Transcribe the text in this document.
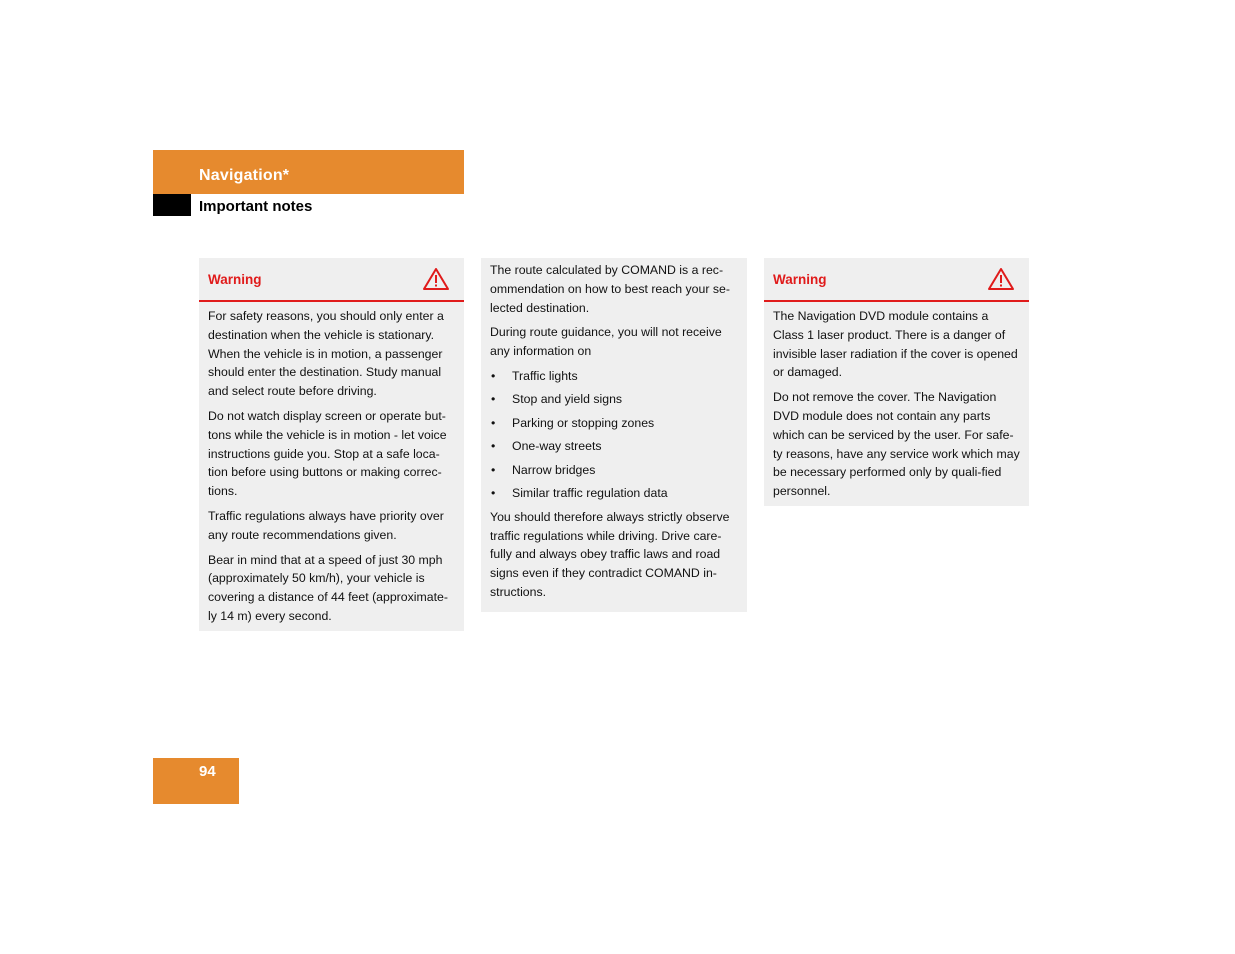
Navigation*
Important notes
Warning

For safety reasons, you should only enter a destination when the vehicle is stationary. When the vehicle is in motion, a passenger should enter the destination. Study manual and select route before driving.

Do not watch display screen or operate but-tons while the vehicle is in motion - let voice instructions guide you. Stop at a safe loca-tion before using buttons or making correc-tions.

Traffic regulations always have priority over any route recommendations given.

Bear in mind that at a speed of just 30 mph (approximately 50 km/h), your vehicle is covering a distance of 44 feet (approximate-ly 14 m) every second.

The route calculated by COMAND is a rec-ommendation on how to best reach your se-lected destination.

During route guidance, you will not receive any information on

• Traffic lights
• Stop and yield signs
• Parking or stopping zones
• One-way streets
• Narrow bridges
• Similar traffic regulation data

You should therefore always strictly observe traffic regulations while driving. Drive care-fully and always obey traffic laws and road signs even if they contradict COMAND in-structions.

Warning

The Navigation DVD module contains a Class 1 laser product. There is a danger of invisible laser radiation if the cover is opened or damaged.

Do not remove the cover. The Navigation DVD module does not contain any parts which can be serviced by the user. For safe-ty reasons, have any service work which may be necessary performed only by quali-fied personnel.

94
